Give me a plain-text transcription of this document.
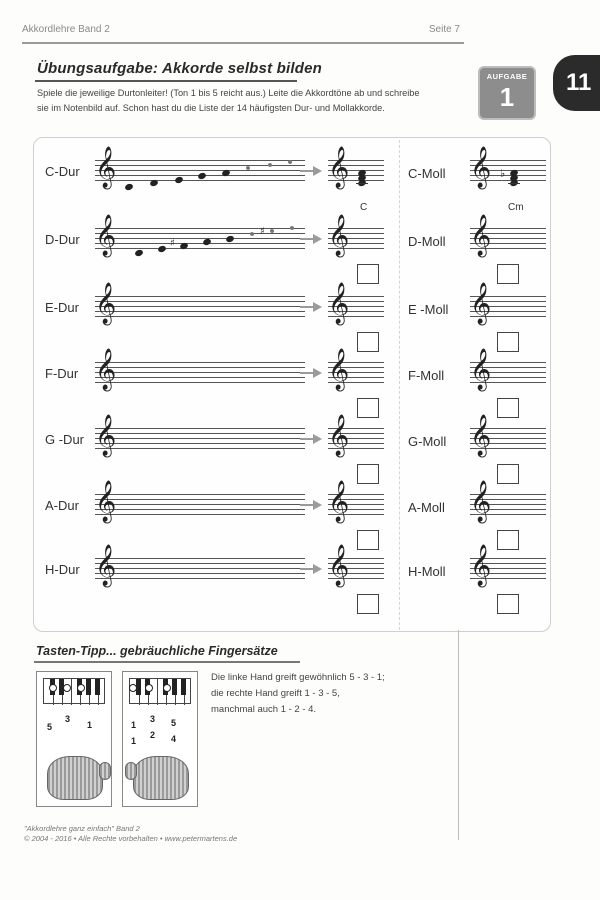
Akkordlehre Band 2	Seite 7
11
Übungsaufgabe: Akkorde selbst bilden
Spiele die jeweilige Durtonleiter! (Ton 1 bis 5 reicht aus.) Leite die Akkordtöne ab und schreibe sie im Notenbild auf. Schon hast du die Liste der 14 häufigsten Dur- und Mollakkorde.
AUFGABE
1
C-Dur 𝄞	𝄞	C-Moll 𝄞
C
♭
Cm
D-Dur 𝄞	𝄞	D-Moll 𝄞
♯
♯
E-Dur 𝄞	𝄞	E -Moll 𝄞
F-Dur 𝄞	𝄞	F-Moll 𝄞
G -Dur 𝄞	𝄞	G-Moll 𝄞
A-Dur 𝄞	𝄞	A-Moll 𝄞
H-Dur 𝄞	𝄞	H-Moll 𝄞
Tasten-Tipp... gebräuchliche Fingersätze
5
3
1	1
1
3
2
5
4
Die linke Hand greift gewöhnlich 5 - 3 - 1;
die rechte Hand greift 1 - 3 - 5,
manchmal auch 1 - 2 - 4.
"Akkordlehre ganz einfach" Band 2
© 2004 - 2016 • Alle Rechte vorbehalten • www.petermartens.de
